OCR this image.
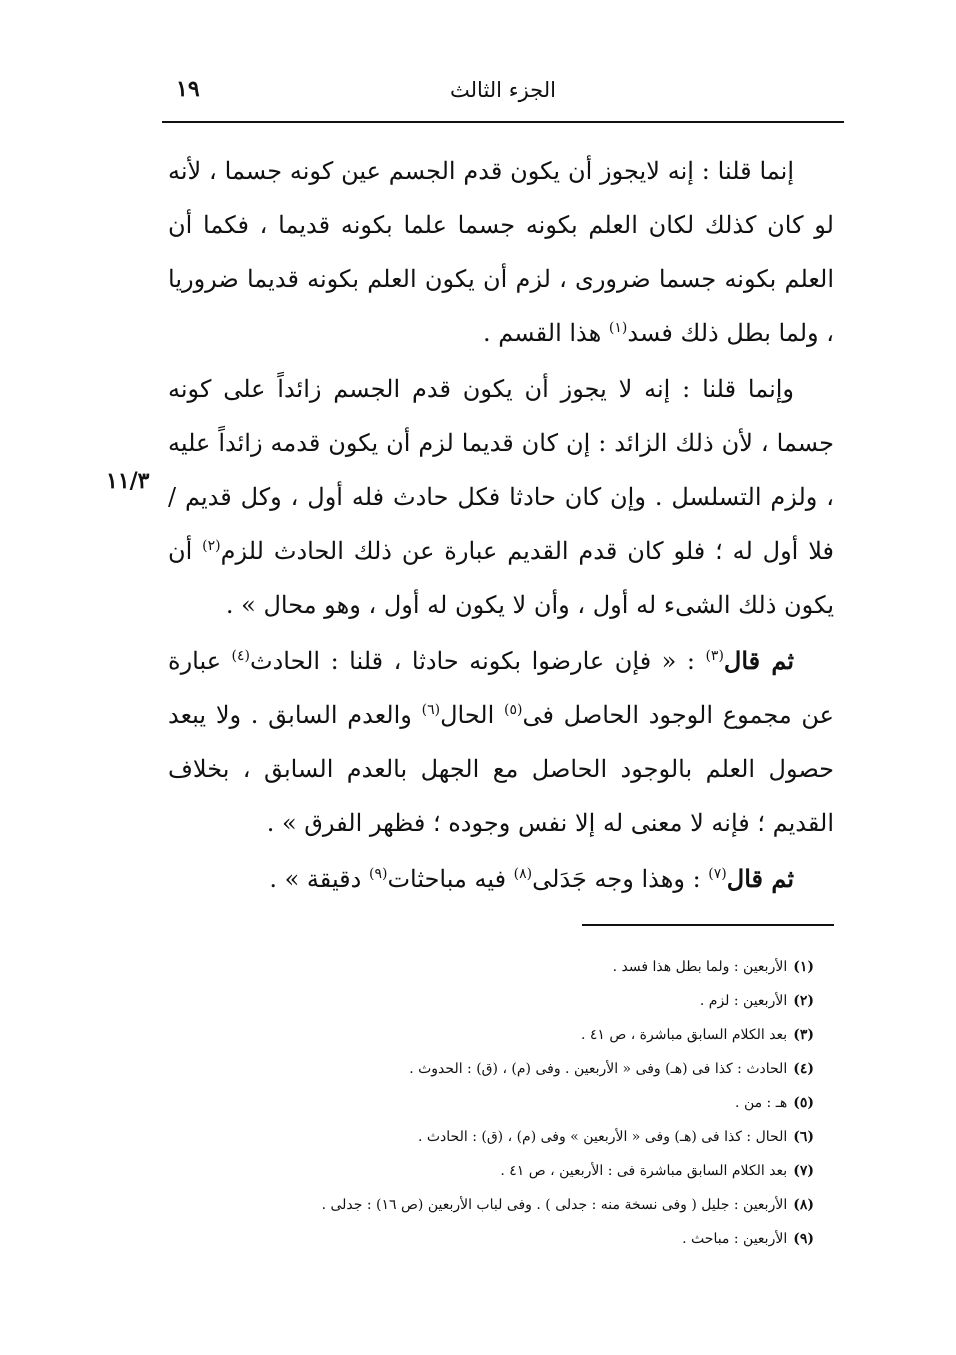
الجزء الثالث
١٩
١١/٣

إنما قلنا : إنه لايجوز أن يكون قدم الجسم عين كونه جسما ، لأنه لو كان كذلك لكان العلم بكونه جسما علما بكونه قديما ، فكما أن العلم بكونه جسما ضرورى ، لزم أن يكون العلم بكونه قديما ضروريا ، ولما بطل ذلك فسد$^{(١)}$ هذا القسم .

وإنما قلنا : إنه لا يجوز أن يكون قدم الجسم زائداً على كونه جسما ، لأن ذلك الزائد : إن كان قديما لزم أن يكون قدمه زائداً عليه ، ولزم التسلسل . وإن كان حادثا فكل حادث فله أول ، وكل قديم / فلا أول له ؛ فلو كان قدم القديم عبارة عن ذلك الحادث للزم$^{(٢)}$ أن يكون ذلك الشىء له أول ، وأن لا يكون له أول ، وهو محال » .

ثم قال$^{(٣)}$ : « فإن عارضوا بكونه حادثا ، قلنا : الحادث$^{(٤)}$ عبارة عن مجموع الوجود الحاصل فى$^{(٥)}$ الحال$^{(٦)}$ والعدم السابق . ولا يبعد حصول العلم بالوجود الحاصل مع الجهل بالعدم السابق ، بخلاف القديم ؛ فإنه لا معنى له إلا نفس وجوده ؛ فظهر الفرق » .

ثم قال$^{(٧)}$ : وهذا وجه جَدَلى$^{(٨)}$ فيه مباحثات$^{(٩)}$ دقيقة » .

(١)الأربعين : ولما بطل هذا فسد .
(٢)الأربعين : لزم .
(٣)بعد الكلام السابق مباشرة ، ص ٤١ .
(٤)الحادث : كذا فى (هـ) وفى « الأربعين . وفى (م) ، (ق) : الحدوث .
(٥)هـ : من .
(٦)الحال : كذا فى (هـ) وفى « الأربعين » وفى (م) ، (ق) : الحادث .
(٧)بعد الكلام السابق مباشرة فى : الأربعين ، ص ٤١ .
(٨)الأربعين : جليل ( وفى نسخة منه : جدلى ) . وفى لباب الأربعين (ص ١٦) : جدلى .
(٩)الأربعين : مباحث .
